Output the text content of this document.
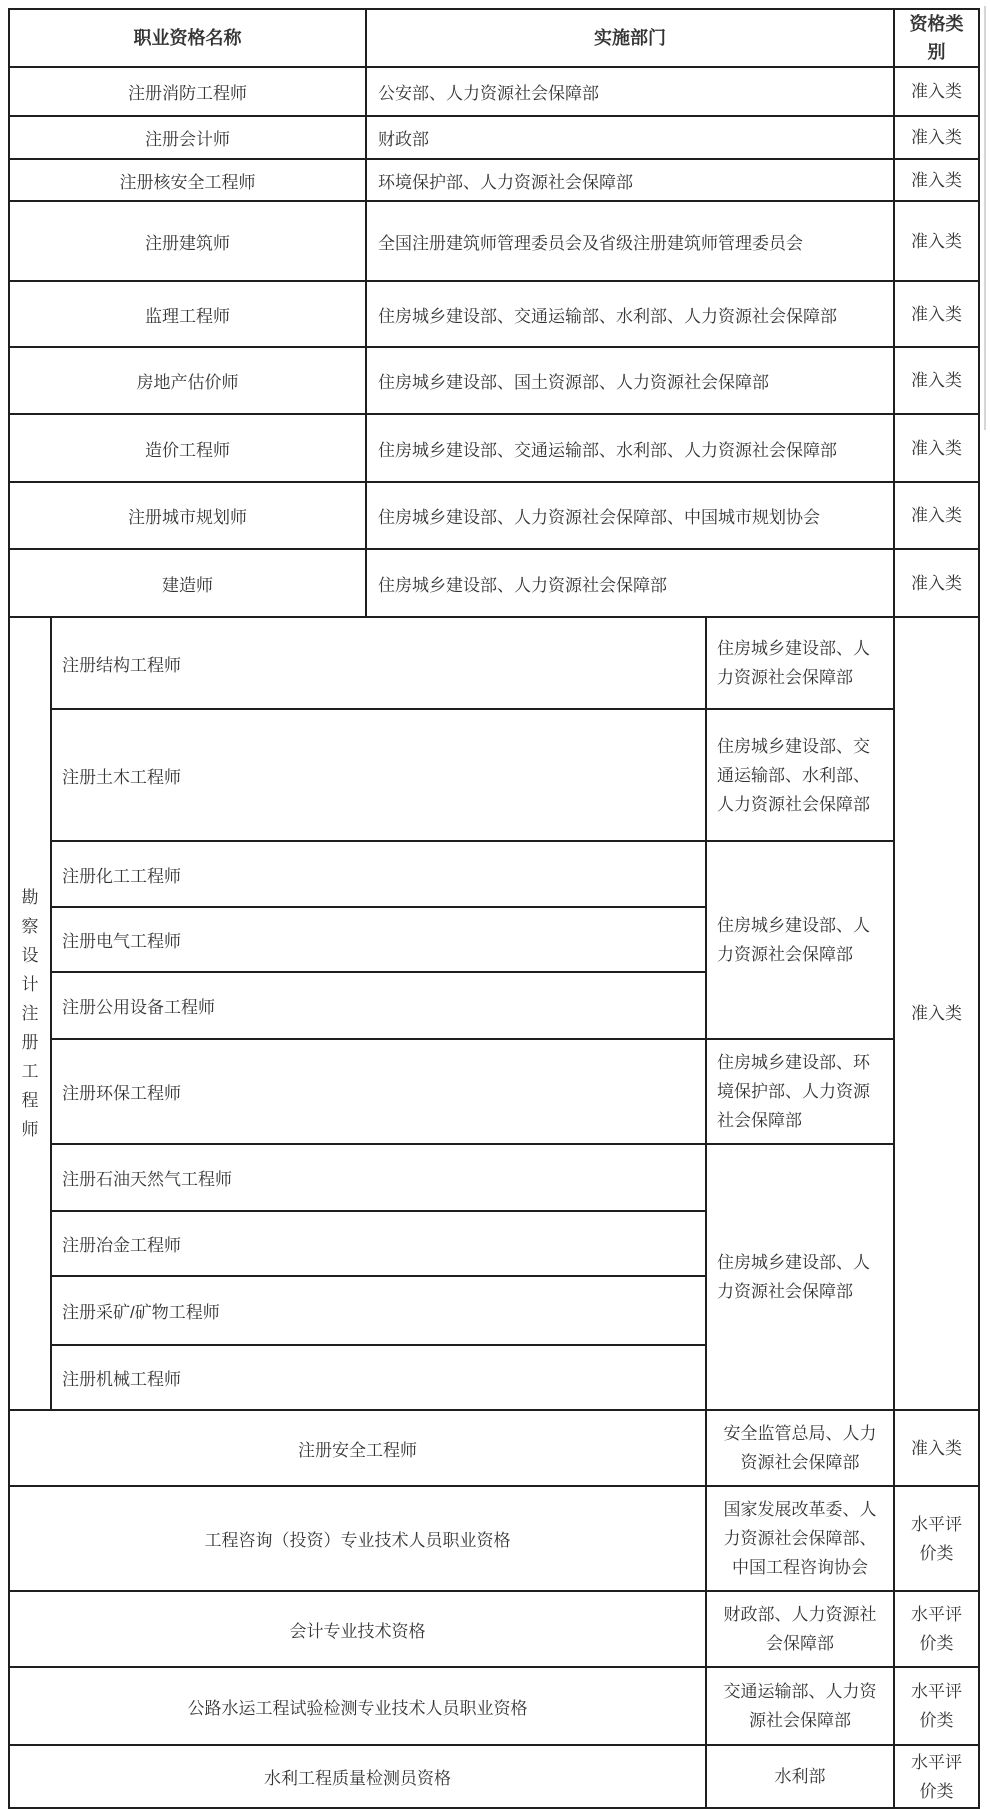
职业资格名称		实施部门		资格类别
注册消防工程师		公安部、人力资源社会保障部		准入类
注册会计师		财政部		准入类
注册核安全工程师		环境保护部、人力资源社会保障部		准入类
注册建筑师		全国注册建筑师管理委员会及省级注册建筑师管理委员会		准入类
监理工程师		住房城乡建设部、交通运输部、水利部、人力资源社会保障部		准入类
房地产估价师		住房城乡建设部、国土资源部、人力资源社会保障部		准入类
造价工程师		住房城乡建设部、交通运输部、水利部、人力资源社会保障部		准入类
注册城市规划师		住房城乡建设部、人力资源社会保障部、中国城市规划协会		准入类
建造师		住房城乡建设部、人力资源社会保障部		准入类

勘察设计注册工程师	注册结构工程师		住房城乡建设部、人力资源社会保障部	准入类
	注册土木工程师		住房城乡建设部、交通运输部、水利部、人力资源社会保障部	
	注册化工工程师		住房城乡建设部、人力资源社会保障部	
	注册电气工程师			
	注册公用设备工程师			
	注册环保工程师		住房城乡建设部、环境保护部、人力资源社会保障部	
	注册石油天然气工程师		住房城乡建设部、人力资源社会保障部	
	注册冶金工程师			
	注册采矿/矿物工程师			
	注册机械工程师			
注册安全工程师			安全监管总局、人力资源社会保障部	准入类
工程咨询（投资）专业技术人员职业资格			国家发展改革委、人力资源社会保障部、中国工程咨询协会	水平评价类
会计专业技术资格			财政部、人力资源社会保障部	水平评价类
公路水运工程试验检测专业技术人员职业资格			交通运输部、人力资源社会保障部	水平评价类
水利工程质量检测员资格			水利部	水平评价类
